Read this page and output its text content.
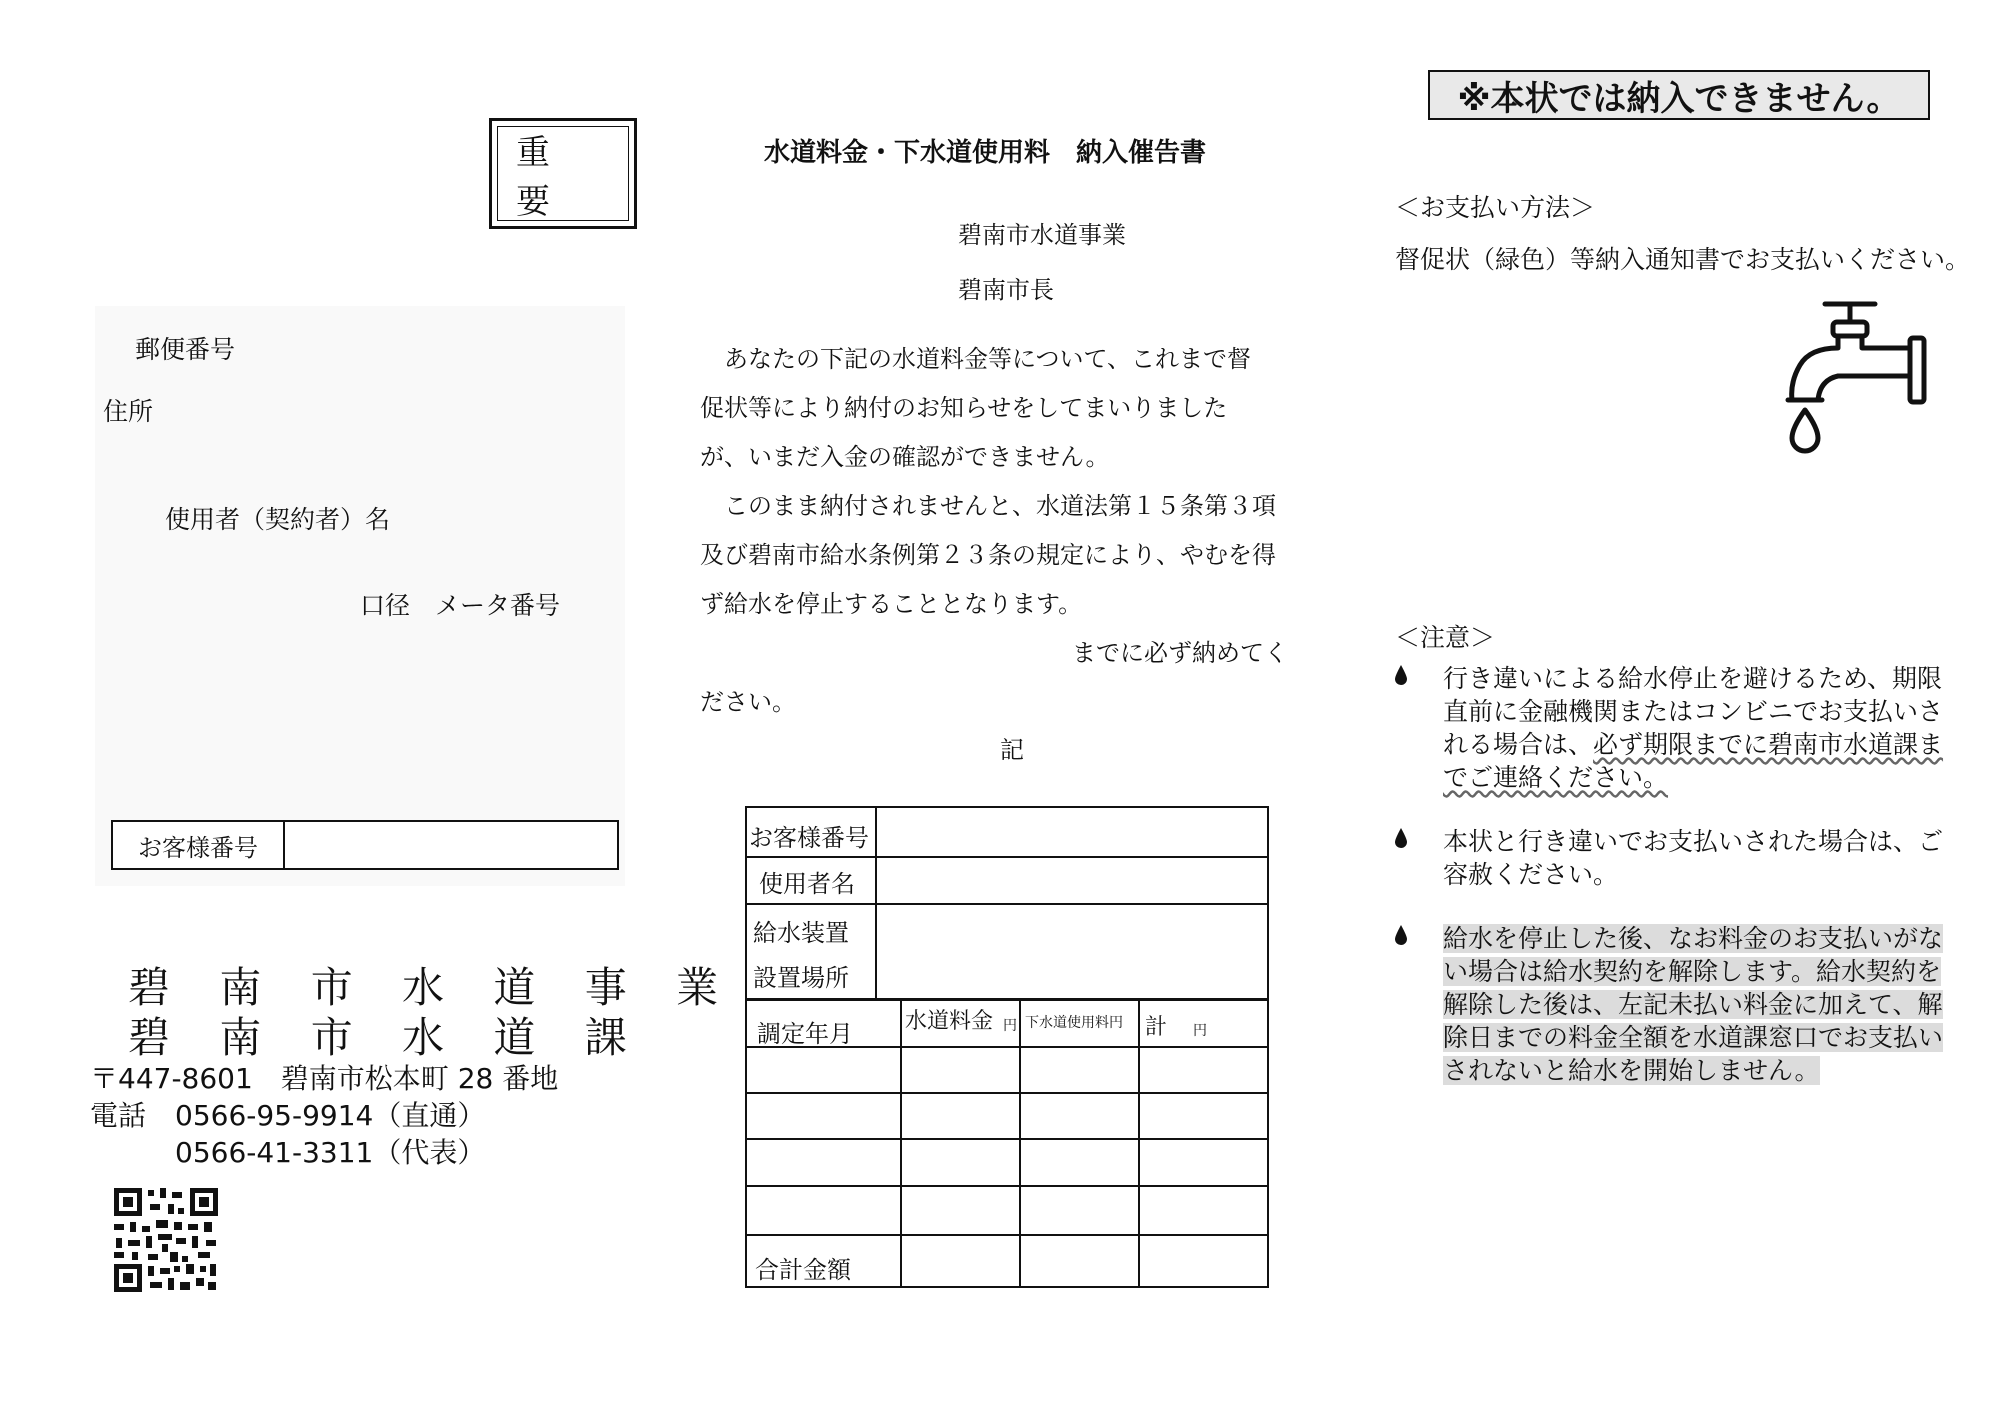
重 要
郵便番号
住所
使用者（契約者）名
口径　メータ番号
お客様番号
碧 南 市 水 道 事 業
碧 南 市 水 道 課
〒447-8601　碧南市松本町 28 番地
電話 0566-95-9914（直通）
0566-41-3311（代表）
水道料金・下水道使用料　納入催告書
碧南市水道事業
碧南市長

　あなたの下記の水道料金等について、これまで督

促状等により納付のお知らせをしてまいりました

が、いまだ入金の確認ができません。

　このまま納付されませんと、水道法第１５条第３項

及び碧南市給水条例第２３条の規定により、やむを得

ず給水を停止することとなります。

までに必ず納めてく

ださい。

記
お客様番号
使用者名
給水装置
設置場所
調定年月 水道料金 円 下水道使用料円 計 円
合計金額
※本状では納入できません。
＜お支払い方法＞
督促状（緑色）等納入通知書でお支払いください。
＜注意＞
行き違いによる給水停止を避けるため、期限
直前に金融機関またはコンビニでお支払いさ
れる場合は、必ず期限までに碧南市水道課ま
でご連絡ください。
本状と行き違いでお支払いされた場合は、ご
容赦ください。
給水を停止した後、なお料金のお支払いがな
い場合は給水契約を解除します。給水契約を
解除した後は、左記未払い料金に加えて、解
除日までの料金全額を水道課窓口でお支払い
されないと給水を開始しません。
